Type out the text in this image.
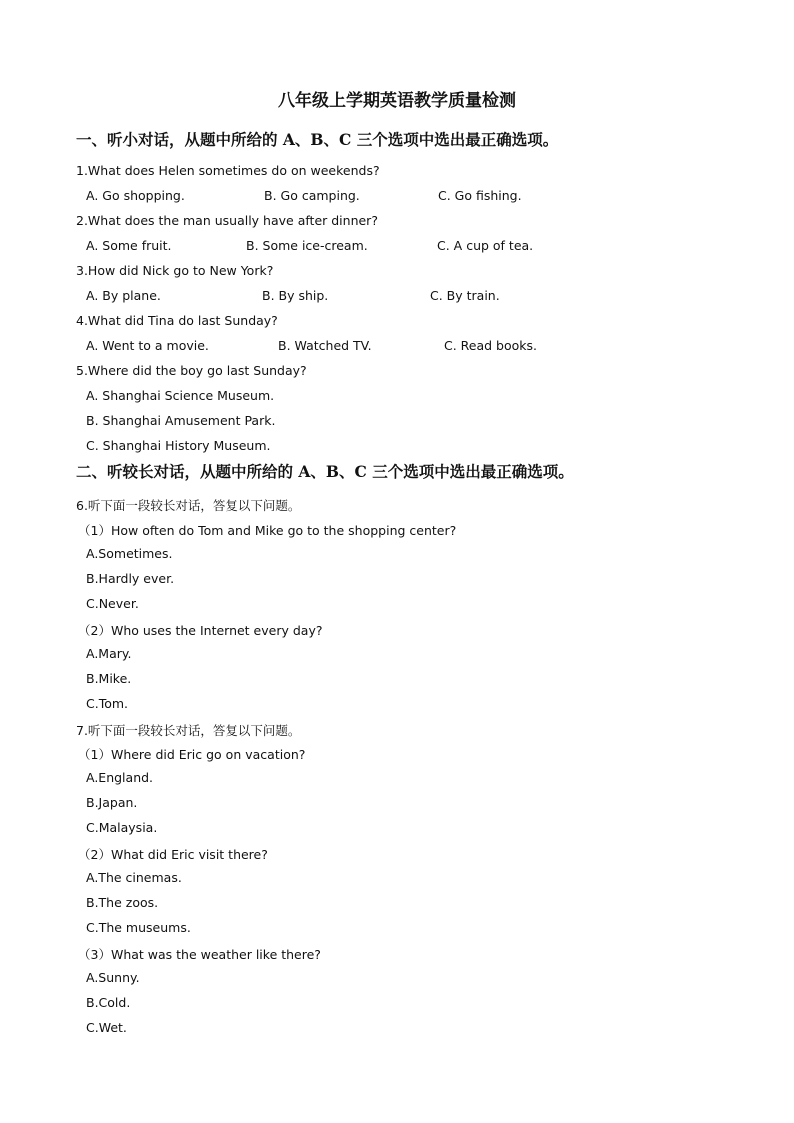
八年级上学期英语教学质量检测
一、听小对话，从题中所给的 A、B、C 三个选项中选出最正确选项。
1.What does Helen sometimes do on weekends?
A. Go shopping.	B. Go camping.	C. Go fishing.
2.What does the man usually have after dinner?
A. Some fruit.	B. Some ice-cream.	C. A cup of tea.
3.How did Nick go to New York?
A. By plane.	B. By ship.	C. By train.
4.What did Tina do last Sunday?
A. Went to a movie.	B. Watched TV.	C. Read books.
5.Where did the boy go last Sunday?
A. Shanghai Science Museum.
B. Shanghai Amusement Park.
C. Shanghai History Museum.
二、听较长对话，从题中所给的 A、B、C 三个选项中选出最正确选项。
6.听下面一段较长对话，答复以下问题。
（1）How often do Tom and Mike go to the shopping center?
A.Sometimes.
B.Hardly ever.
C.Never.
（2）Who uses the Internet every day?
A.Mary.
B.Mike.
C.Tom.
7.听下面一段较长对话，答复以下问题。
（1）Where did Eric go on vacation?
A.England.
B.Japan.
C.Malaysia.
（2）What did Eric visit there?
A.The cinemas.
B.The zoos.
C.The museums.
（3）What was the weather like there?
A.Sunny.
B.Cold.
C.Wet.
